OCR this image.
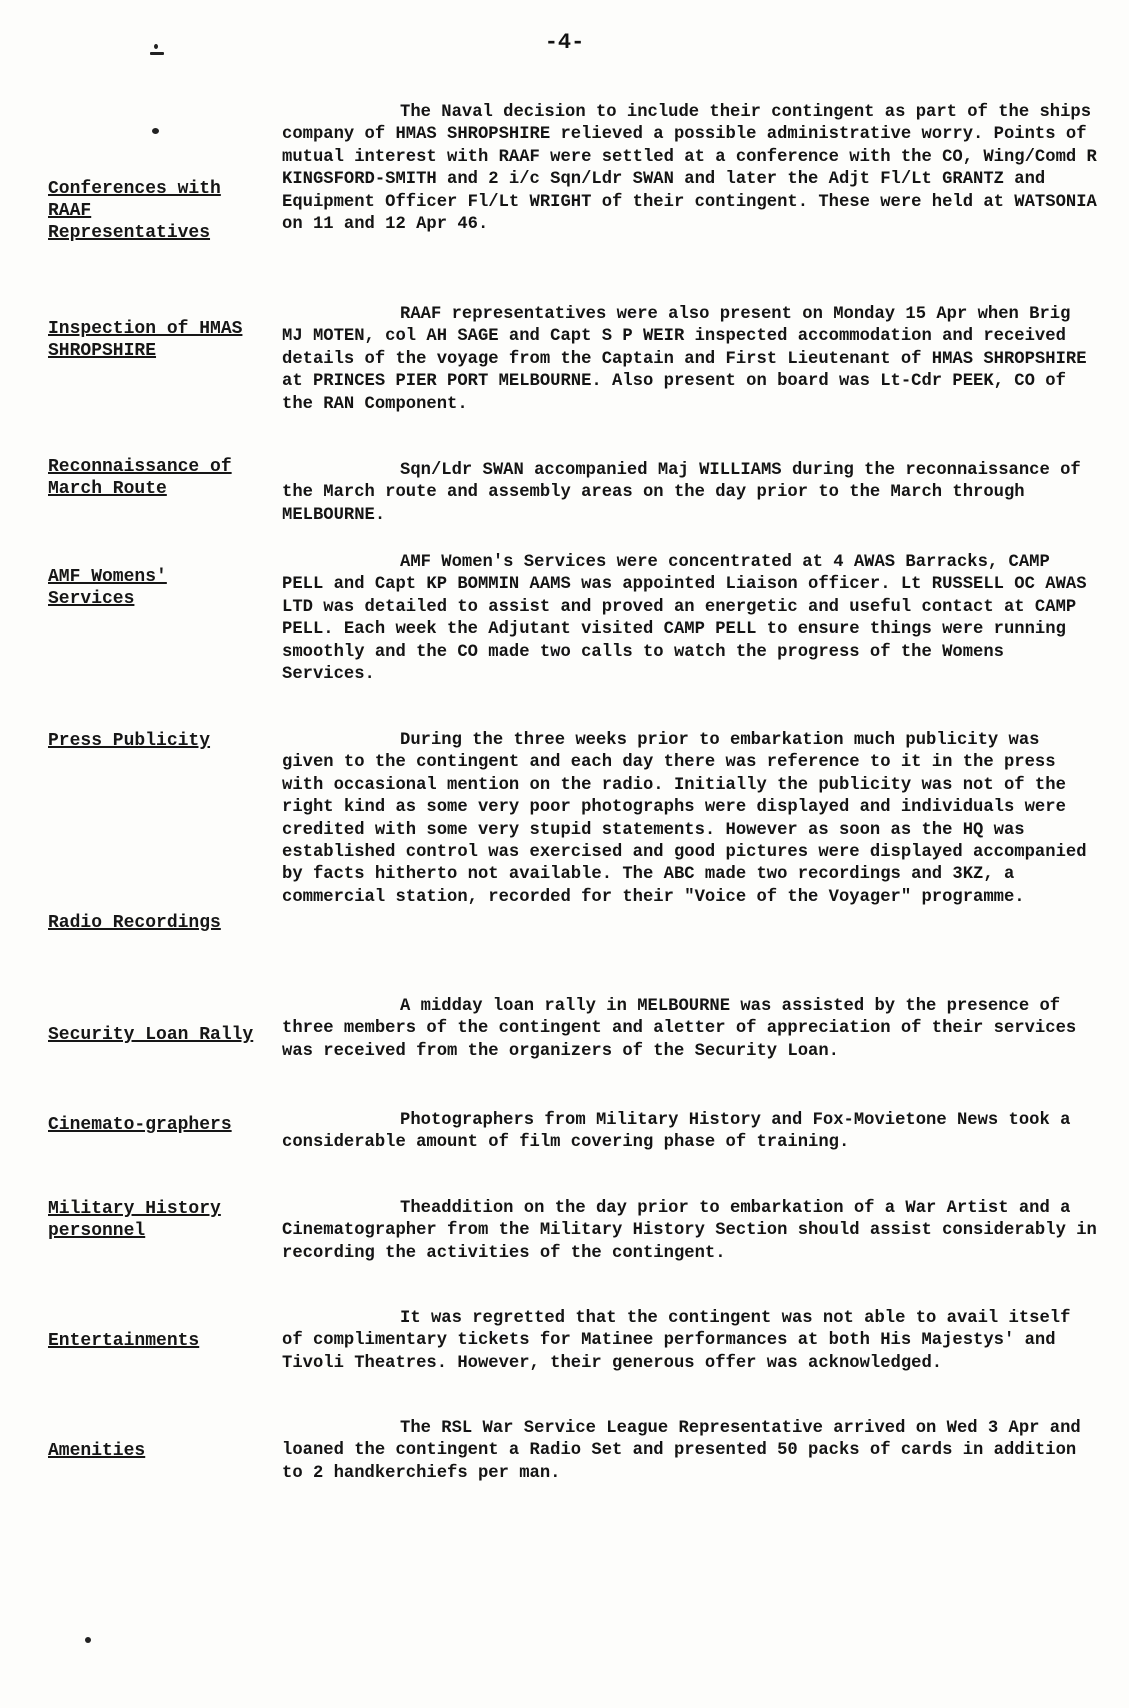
-4-
Conferences with RAAF Representatives
The Naval decision to include their contingent as part of the ships company of HMAS SHROPSHIRE relieved a possible administrative worry. Points of mutual interest with RAAF were settled at a conference with the CO, Wing/Comd R KINGSFORD-SMITH and 2 i/c Sqn/Ldr SWAN and later the Adjt Fl/Lt GRANTZ and Equipment Officer Fl/Lt WRIGHT of their contingent. These were held at WATSONIA on 11 and 12 Apr 46.
Inspection of HMAS SHROPSHIRE
RAAF representatives were also present on Monday 15 Apr when Brig MJ MOTEN, col AH SAGE and Capt S P WEIR inspected accommodation and received details of the voyage from the Captain and First Lieutenant of HMAS SHROPSHIRE at PRINCES PIER PORT MELBOURNE. Also present on board was Lt-Cdr PEEK, CO of the RAN Component.
Reconnaissance of March Route
Sqn/Ldr SWAN accompanied Maj WILLIAMS during the reconnaissance of the March route and assembly areas on the day prior to the March through MELBOURNE.
AMF Womens' Services
AMF Women's Services were concentrated at 4 AWAS Barracks, CAMP PELL and Capt KP BOMMIN AAMS was appointed Liaison officer. Lt RUSSELL OC AWAS LTD was detailed to assist and proved an energetic and useful contact at CAMP PELL. Each week the Adjutant visited CAMP PELL to ensure things were running smoothly and the CO made two calls to watch the progress of the Womens Services.
Press Publicity	During the three weeks prior to embarkation much publicity was given to the contingent and each day there was reference to it in the press with occasional mention on the radio. Initially the publicity was not of the right kind as some very poor photographs were displayed and individuals were credited with some very stupid statements. However as soon as the HQ was established control was exercised and good pictures were displayed accompanied by facts hitherto not available. The ABC made two recordings and 3KZ, a commercial station, recorded for their "Voice of the Voyager" programme.
Radio Recordings
Security Loan Rally
A midday loan rally in MELBOURNE was assisted by the presence of three members of the contingent and aletter of appreciation of their services was received from the organizers of the Security Loan.
Cinemato-graphers	Photographers from Military History and Fox-Movietone News took a considerable amount of film covering phase of training.
Military History personnel
Theaddition on the day prior to embarkation of a War Artist and a Cinematographer from the Military History Section should assist considerably in recording the activities of the contingent.
Entertainments
It was regretted that the contingent was not able to avail itself of complimentary tickets for Matinee performances at both His Majestys' and Tivoli Theatres. However, their generous offer was acknowledged.
Amenities
The RSL War Service League Representative arrived on Wed 3 Apr and loaned the contingent a Radio Set and presented 50 packs of cards in addition to 2 handkerchiefs per man.
